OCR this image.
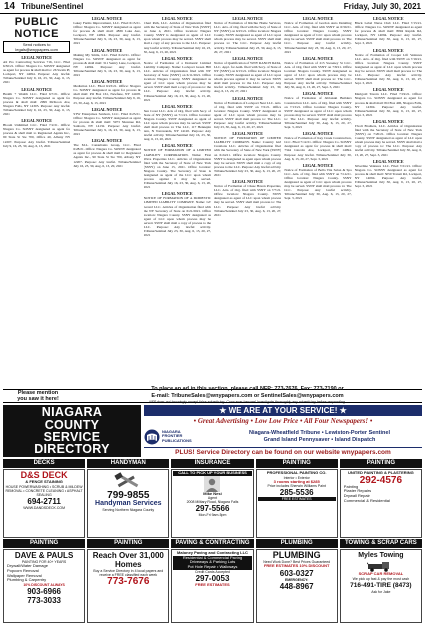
14 Tribune/Sentinel	Friday, July 30, 2021
PUBLIC NOTICE
Send notices to legals@wnypapers.com
LEGAL NOTICE
Alt Pro Contracting Services 716, LLC. Filed 6/30/21. Office: Niagara Co. SOSNY designated as agent for process & shall mail to: 26 Swain Pl, Lockport, NY 14094. Purpose: Any lawful. Tribune/Sentinel July 9, 16, 23, 30, Aug. 6, 13, 2021
LEGAL NOTICE
Health + Wealth LLC. Filed 6/7/21. Office: Niagara Co. SOSNY designated as agent for process & shall mail: 2999 McKoon Ave, Niagara Falls, NY 14305. Purpose: Any lawful. Tribune/Sentinel July 9, 16, 23, 30, Aug. 6, 13, 2021
LEGAL NOTICE
Bloom Unlimited LLC. Filed 7/2/21. Office: Niagara Co. SOSNY designated as agent for process & shall mail to Registered Agents Inc., 90 State St Ste 700, Office 40, Albany NY 12207. Purpose: Any lawful. Tribune/Sentinel July 9, 16, 23, 30, Aug. 6, 13, 2021
LEGAL NOTICE
Lakey Farms Improvement, LLC. Filed 6/15/21. Office: Niagara Co. SOSNY designated as agent for process & shall mail: 4836 Lake Ave, Lockport, NY 14094. Purpose: Any lawful. Tribune/Sentinel July 9, 16, 23, 30, Aug. 6, 13, 2021
LEGAL NOTICE
Making My Smile, LLC. Filed 6/22/21. Office: Niagara Co. SOSNY designated as agent for process & shall mail: 311 Sentry Lane, Lockport, NY 14094. Purpose: Any lawful. Tribune/Sentinel July 9, 16, 23, 30, Aug. 6, 13, 2021
LEGAL NOTICE
Mediation LLC. Filed 6/23/21. Office: Niagara Co. SOSNY designated as agent for process & shall mail: PO Box 161, Newfane, NY 14108. Purpose: Any lawful. Tribune/Sentinel July 9, 16, 23, 30, Aug. 6, 13, 2021
LEGAL NOTICE
STW Enterprises Sanborn, LLC. Filed 6/23/21. Office: Niagara Co. SOSNY designated as agent for process & shall mail: 5973 Shawnee Rd, Sanborn, NY 14132. Purpose: Any lawful. Tribune/Sentinel July 9, 16, 23, 30, Aug. 6, 13, 2021
LEGAL NOTICE
The M.L. Consultants Group, LLC. Filed 6/28/21. Office: Niagara Co. SOSNY designated as agent for process & shall mail to: Registered Agents Inc., 90 State St Ste 700, Albany NY 12207. Purpose: Any lawful. Tribune/Sentinel July 16, 23, 30, Aug. 6, 13, 20, 2021
LEGAL NOTICE
Chart Path, LLC. Articles of Organization filed with the Secretary of State of New York (SSNY) on June 4, 2021. Office location: Niagara County. SSNY is designated as agent of LLC upon whom process may be served. SSNY shall mail a copy of any process to the LLC. Purpose: Any lawful activity. Tribune/Sentinel July 16, 23, 30, Aug. 6, 13, 20, 2021
LEGAL NOTICE
Notice of Formation of a Domestic Limited Liability Company. Name: Lockport Green Hill LLC. Articles of Organization filed with NY Secretary of State (SSNY) on 6/11/2021. Office location: Niagara County. SSNY designated as agent of LLC upon whom process may be served. SSNY shall mail a copy of process to: the LLC. Purpose: Any lawful activity. Tribune/Sentinel July 16, 23, 30, Aug. 6, 13, 20, 2021
LEGAL NOTICE
Sun Coast LLC. Arts of Org. filed with Secy. of State of NY (SSNY) on 7/1/21. Office location: Niagara County. SSNY designated as agent of LLC upon whom process may be served. SSNY shall mail process to: The LLC, 117 Hennepin Ave, N Tonawanda, NY 14120. Purpose: Any lawful activity. Tribune/Sentinel July 16, 23, 30, Aug. 6, 13, 20, 2021
LEGAL NOTICE
NOTICE OF FORMATION OF A LIMITED LIABILITY CORPORATION. Name: First Wave Properties LLC. Articles of Organization filed with the Secretary of State of New York (SSNY) on June 15, 2021. Office location: Niagara County. The Secretary of State is designated as agent of the LLC upon whom process against it may be served. Tribune/Sentinel July 16, 23, 30, Aug. 6, 13, 20, 2021
LEGAL NOTICE
NOTICE OF FORMATION OF A DOMESTIC LIMITED LIABILITY COMPANY. Name: GT Gravel LLC. Articles of Organization filed with the NY Secretary of State on 6/21/2021. Office location: Niagara County. SSNY designated as agent of LLC upon whom process may be served. SSNY shall mail a copy of process to the LLC. Purpose: Any lawful activity. Tribune/Sentinel July 23, 30, Aug. 6, 13, 20, 27, 2021
LEGAL NOTICE
Notice of Formation of Ritchie Home Services, LLC. Arts. of Org. filed with the Secy of State of NY (SSNY) on 6/25/21. Office location: Niagara County. SSNY designated as agent of LLC upon whom process may be served. SSNY shall mail process to: The LLC. Purpose: Any lawful activity. Tribune/Sentinel July 23, 30, Aug. 6, 13, 20, 27, 2021
LEGAL NOTICE
Notice of Qualification of WNY RANCH DATA, LLC. Appl. for Auth. filed with Secy. of State of NY (SSNY) on 6/15/21. Office location: Niagara County. SSNY designated as agent of LLC upon whom process against it may be served. SSNY shall mail process to: the LLC. Purpose: Any lawful activity. Tribune/Sentinel July 23, 30, Aug. 6, 13, 20, 27, 2021
LEGAL NOTICE
Notice of Formation of Lockport Nest LLC. Arts. of Org. filed with SSNY on 7/2/21. Office location: Niagara County. SSNY designated as agent of LLC upon whom process may be served. SSNY shall mail process to: The LLC. Purpose: Any lawful activity. Tribune/Sentinel July 23, 30, Aug. 6, 13, 20, 27, 2021
LEGAL NOTICE
NOTICE OF FORMATION OF LIMITED LIABILITY COMPANY. Name: Country Girl Creations LLC. Articles of Organization filed with the Secretary of State of New York (SSNY) on 6/24/21. Office location: Niagara County. SSNY is designated as agent upon whom process may be served. SSNY shall mail a copy of any process to the LLC. Purpose: Any lawful activity. Tribune/Sentinel July 23, 30, Aug. 6, 13, 20, 27, 2021
LEGAL NOTICE
Notice of Formation of Chase Haven Properties, LLC. Arts. of Org. filed with SSNY on 7/7/21. Office location: Niagara County. SSNY designated as agent of LLC upon whom process may be served. SSNY shall mail process to: The LLC. Purpose: Any lawful activity. Tribune/Sentinel July 23, 30, Aug. 6, 13, 20, 27, 2021
LEGAL NOTICE
Notice of Formation of Gordon Auto Detailing LLC. Arts. of Org. filed with SSNY on 6/30/21. Office location: Niagara County. SSNY designated as agent of LLC upon whom process may be served. SSNY shall mail process to: The LLC. Purpose: Any lawful activity. Tribune/Sentinel July 23, 30, Aug. 6, 13, 20, 27, 2021
LEGAL NOTICE
Notice of Formation of 215 Sweeney St LLC. Arts. of Org. filed with SSNY on 7/8/21. Office location: Niagara County. SSNY designated as agent of LLC upon whom process may be served. SSNY shall mail process to: The LLC. Purpose: Any lawful activity. Tribune/Sentinel July 30, Aug. 6, 13, 20, 27, Sept. 3, 2021
LEGAL NOTICE
Notice of Formation of Jablonski Builders Construction LLC. Arts. of Org. filed with SSNY on 7/13/21. Office location: Niagara County. SSNY designated as agent of LLC upon whom process may be served. SSNY shall mail process to: The LLC. Purpose: Any lawful activity. Tribune/Sentinel July 30, Aug. 6, 13, 20, 27, Sept. 3, 2021
LEGAL NOTICE
Notice of Formation of Key Creek Construction, LLC. Filed 7/12/21. Office: Niagara Co. SOSNY designated as agent for process & shall mail: 7344 Lincoln Ave, Lockport, NY 14094. Purpose: Any lawful. Tribune/Sentinel July 30, Aug. 6, 13, 20, 27, Sept. 3, 2021
LEGAL NOTICE
Notice of Formation of Bella Vita Salon & Spa LLC. Arts. of Org. filed with SSNY on 7/14/21. Office location: Niagara County. SSNY designated as agent of LLC upon whom process may be served. SSNY shall mail process to: The LLC. Purpose: Any lawful activity. Tribune/Sentinel July 30, Aug. 6, 13, 20, 27, Sept. 3, 2021
LEGAL NOTICE
Black Label Nurse Club LLC. Filed 7/15/21. Office: Niagara Co. SOSNY designated as agent for process & shall mail: 8094 Rapids Rd, Lockport, NY 14094. Purpose: Any lawful. Tribune/Sentinel July 30, Aug. 6, 13, 20, 27, Sept. 3, 2021
LEGAL NOTICE
Notice of Formation of Cooper Lift Ventures LLC. Arts. of Org. filed with SSNY on 7/16/21. Office location: Niagara County. SSNY designated as agent of LLC upon whom process may be served. SSNY shall mail process to: The LLC. Purpose: Any lawful activity. Tribune/Sentinel July 30, Aug. 6, 13, 20, 27, Sept. 3, 2021
LEGAL NOTICE
Marigold Tavern LLC. Filed 7/19/21. Office: Niagara Co. SOSNY designated as agent for process & shall mail: PO Box 406, Niagara Falls, NY 14304. Purpose: Any lawful. Tribune/Sentinel July 30, Aug. 6, 13, 20, 27, Sept. 3, 2021
LEGAL NOTICE
Tivoli Brothers, LLC. Articles of Organization filed with the Secretary of State of New York (SSNY) on 7/20/21. Office location: Niagara County. SSNY designated as agent of LLC upon whom process may be served. SSNY shall mail a copy of process to: The LLC. Purpose: Any lawful activity. Tribune/Sentinel July 30, Aug. 6, 13, 20, 27, Sept. 3, 2021
LEGAL NOTICE
Silverline Ventures LLC. Filed 7/21/21. Office: Niagara Co. SOSNY designated as agent for process & shall mail: 5050 Transit Rd, Lockport, NY 14094. Purpose: Any lawful. Tribune/Sentinel July 30, Aug. 6, 13, 20, 27, Sept. 3, 2021
Please mention
you saw it here!
To place an ad in this section, please call NFP: 773-7676, Fax: 773-7190 or
E-mail: TribuneSales@wnypapers.com or SentinelSales@wnypapers.com
NFP does not knowingly accept false advertising. Consumer beware! Investigate thoroughly any advertising before responding.
NIAGARA
COUNTY
SERVICE
DIRECTORY
★ WE ARE AT YOUR SERVICE! ★
• Great Advertising • Low Low Price • All Four Newspapers! •
NIAGARA
FRONTIER
PUBLICATIONS
Niagara-Wheatfield Tribune • Lewiston-Porter Sentinel
Grand Island Pennysaver • Island Dispatch
PLUS! Service Directory can be found on our website wnypapers.com
DECKS	HANDYMAN	INSURANCE	PAINTING	PAINTING
D&S DECK
& FENCE STAINING
HOUSE POWERWASHING • SCRUB & MILDEW REMOVAL • CONCRETE CLEANING • ASPHALT SEALING
694-2711
WWW.DANDSDECK.COM
799-9855
Handyman Services
Serving Northern Niagara County
CALL TO PICK UP YOUR BUSINESS
Mike Nesi
Agent
2008 Military Road, Niagara Falls
297-5566
Mon-Fri 9am-5pm
PROFESSIONAL PAINTING CO.
Interior • Exterior
3 rooms starting at $285
Price includes Sherwin Williams Paint
285-5536
FREE ESTIMATES
UNITED PAINTING & PLASTERING
292-4576
Painting
Plaster Repairs
Drywall Repair
Commercial & Residential
PAINTING	PAINTING	PAVING & CONTRACTING	PLUMBING	TOWING & SCRAP CARS
DAVE & PAULS
PAINTING FOR 40+ YEARS
Drywall/Water Damage
Popcorn Removal
Wallpaper Removal
Plumbing & Carpentry
10% DISCOUNT ALWAYS
903-6966
773-3033
Reach Over 31,000 Homes
Buy a Service Directory in 4 local papers and receive a FREE classified each week
773-7676
Maloney Paving and Contracting LLC
Residential & Commercial Paving
Driveways & Parking Lots
Pot Hole Repair • Walkways
Credit Cards Accepted
297-0053
FREE ESTIMATES
PLUMBING
Need Work Done? Best Prices Guaranteed
FREE ESTIMATES 10% DISCOUNT
603-0327
EMERGENCY:
448-8967
Myles Towing
SCRAP CAR REMOVAL
We pick up fast & pay the most cash
716-491-TIRE (8473)
Ask for Jake
